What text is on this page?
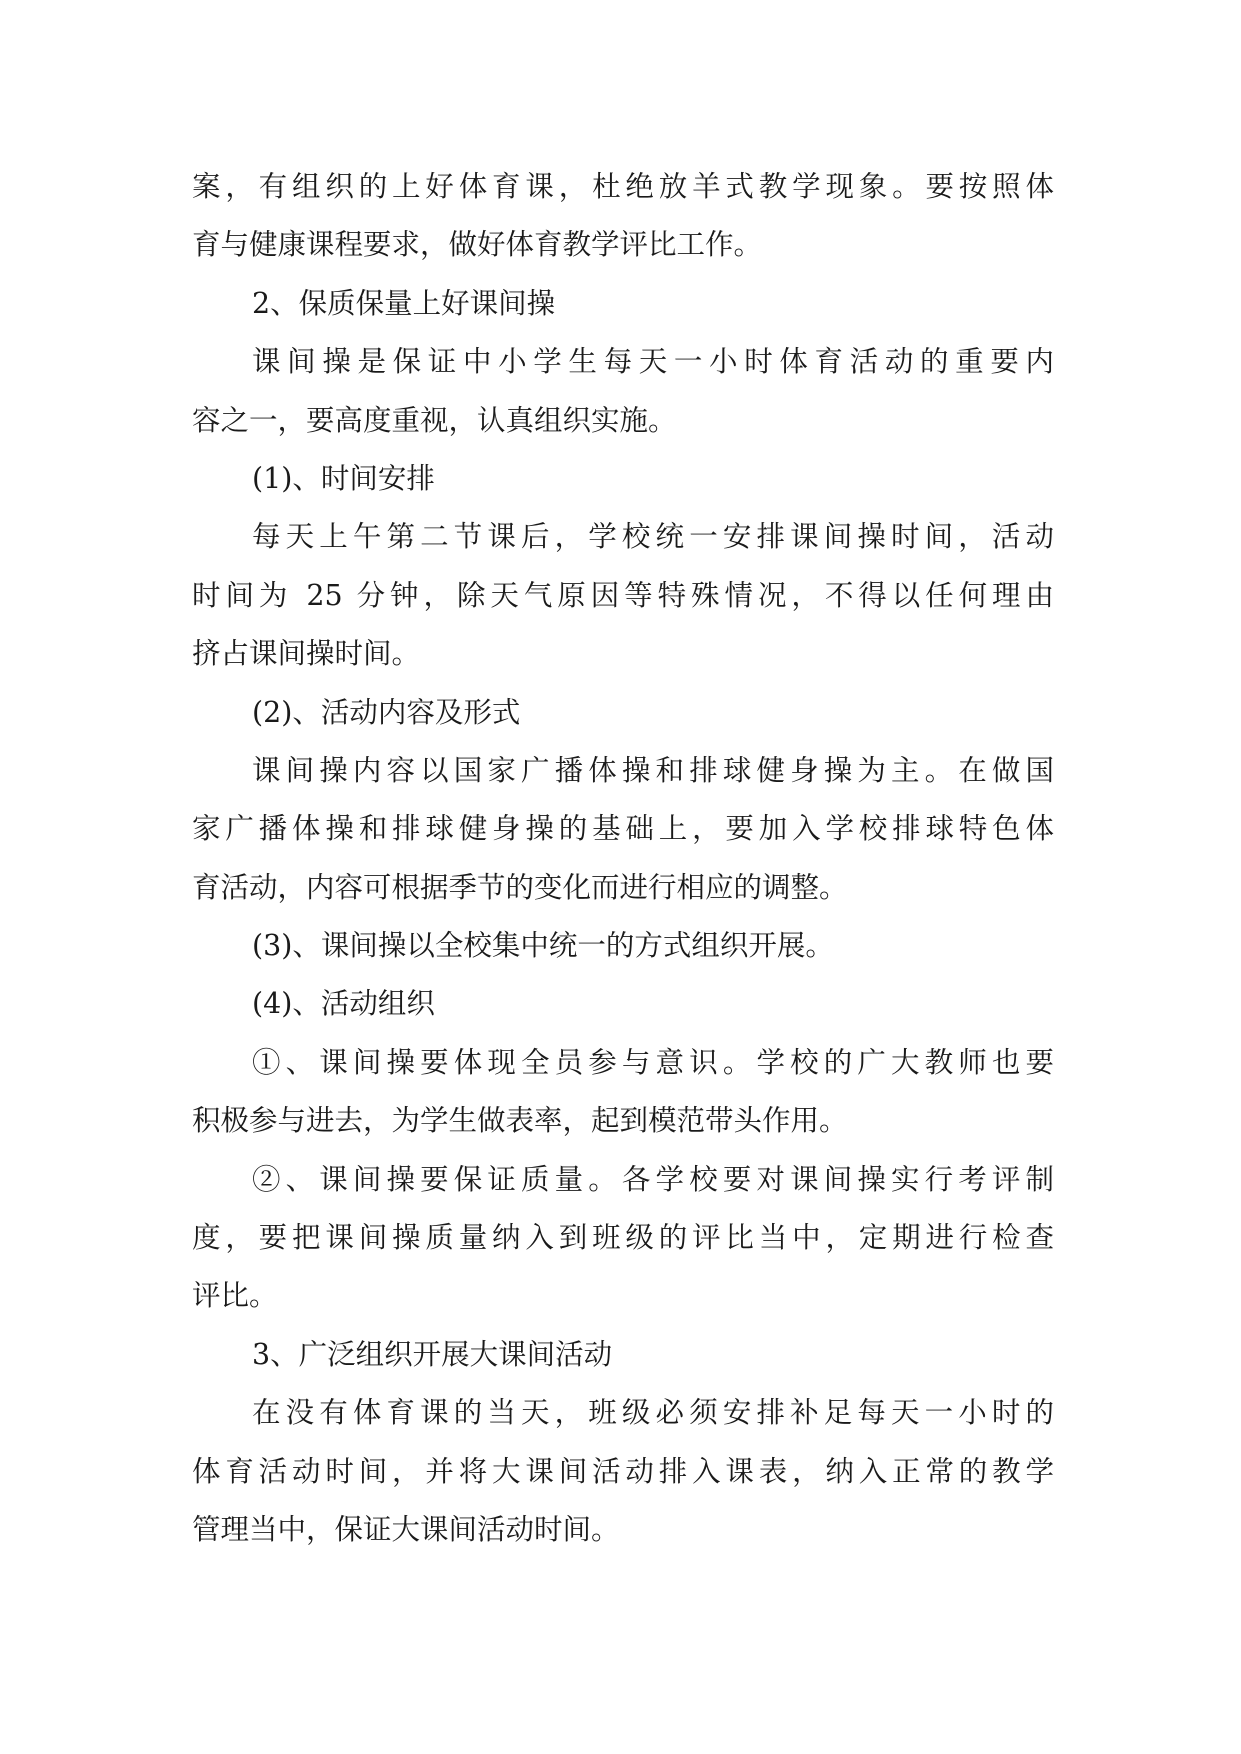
案，有组织的上好体育课，杜绝放羊式教学现象。要按照体
育与健康课程要求，做好体育教学评比工作。
2、保质保量上好课间操
课间操是保证中小学生每天一小时体育活动的重要内
容之一，要高度重视，认真组织实施。
(1)、时间安排
每天上午第二节课后，学校统一安排课间操时间，活动
时间为 25 分钟，除天气原因等特殊情况，不得以任何理由
挤占课间操时间。
(2)、活动内容及形式
课间操内容以国家广播体操和排球健身操为主。在做国
家广播体操和排球健身操的基础上，要加入学校排球特色体
育活动，内容可根据季节的变化而进行相应的调整。
(3)、课间操以全校集中统一的方式组织开展。
(4)、活动组织
①、课间操要体现全员参与意识。学校的广大教师也要
积极参与进去，为学生做表率，起到模范带头作用。
②、课间操要保证质量。各学校要对课间操实行考评制
度，要把课间操质量纳入到班级的评比当中，定期进行检查
评比。
3、广泛组织开展大课间活动
在没有体育课的当天，班级必须安排补足每天一小时的
体育活动时间，并将大课间活动排入课表，纳入正常的教学
管理当中，保证大课间活动时间。
